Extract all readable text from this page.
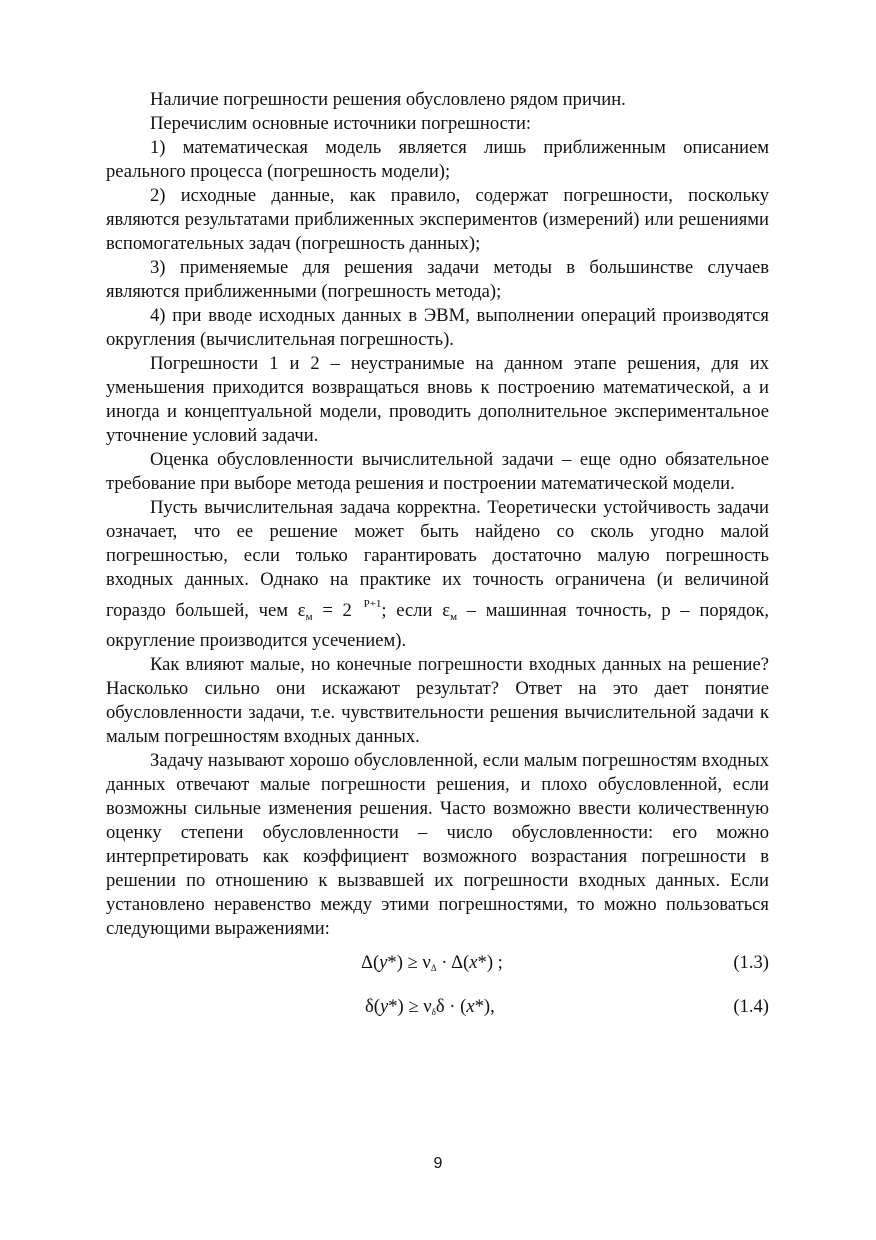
Наличие погрешности решения обусловлено рядом причин.

Перечислим основные источники погрешности:

1) математическая модель является лишь приближенным описанием реального процесса (погрешность модели);

2) исходные данные, как правило, содержат погрешности, поскольку являются результатами приближенных экспериментов (измерений) или решениями вспомогательных задач (погрешность данных);

3) применяемые для решения задачи методы в большинстве случаев являются приближенными (погрешность метода);

4) при вводе исходных данных в ЭВМ, выполнении операций производятся округления (вычислительная погрешность).

Погрешности 1 и 2 – неустранимые на данном этапе решения, для их уменьшения приходится возвращаться вновь к построению математической, а и иногда и концептуальной модели, проводить дополнительное экспериментальное уточнение условий задачи.

Оценка обусловленности вычислительной задачи – еще одно обязательное требование при выборе метода решения и построении математической модели.

Пусть вычислительная задача корректна. Теоретически устойчивость задачи означает, что ее решение может быть найдено со сколь угодно малой погрешностью, если только гарантировать достаточно малую погрешность входных данных. Однако на практике их точность ограничена (и величиной гораздо большей, чем $\varepsilon_м = 2$ $^{P+1}$; если $\varepsilon_м$ – машинная точность, p – порядок, округление производится усечением).

Как влияют малые, но конечные погрешности входных данных на решение? Насколько сильно они искажают результат? Ответ на это дает понятие обусловленности задачи, т.е. чувствительности решения вычислительной задачи к малым погрешностям входных данных.

Задачу называют хорошо обусловленной, если малым погрешностям входных данных отвечают малые погрешности решения, и плохо обусловленной, если возможны сильные изменения решения. Часто возможно ввести количественную оценку степени обусловленности – число обусловленности: его можно интерпретировать как коэффициент возможного возрастания погрешности в решении по отношению к вызвавшей их погрешности входных данных. Если установлено неравенство между этими погрешностями, то можно пользоваться следующими выражениями:

$\Delta(y*) \ge \nu_\Delta \cdot \Delta(x*)$ ;	(1.3)
$\delta(y*) \ge \nu_\delta\delta \cdot (x*)$,	(1.4)
9
